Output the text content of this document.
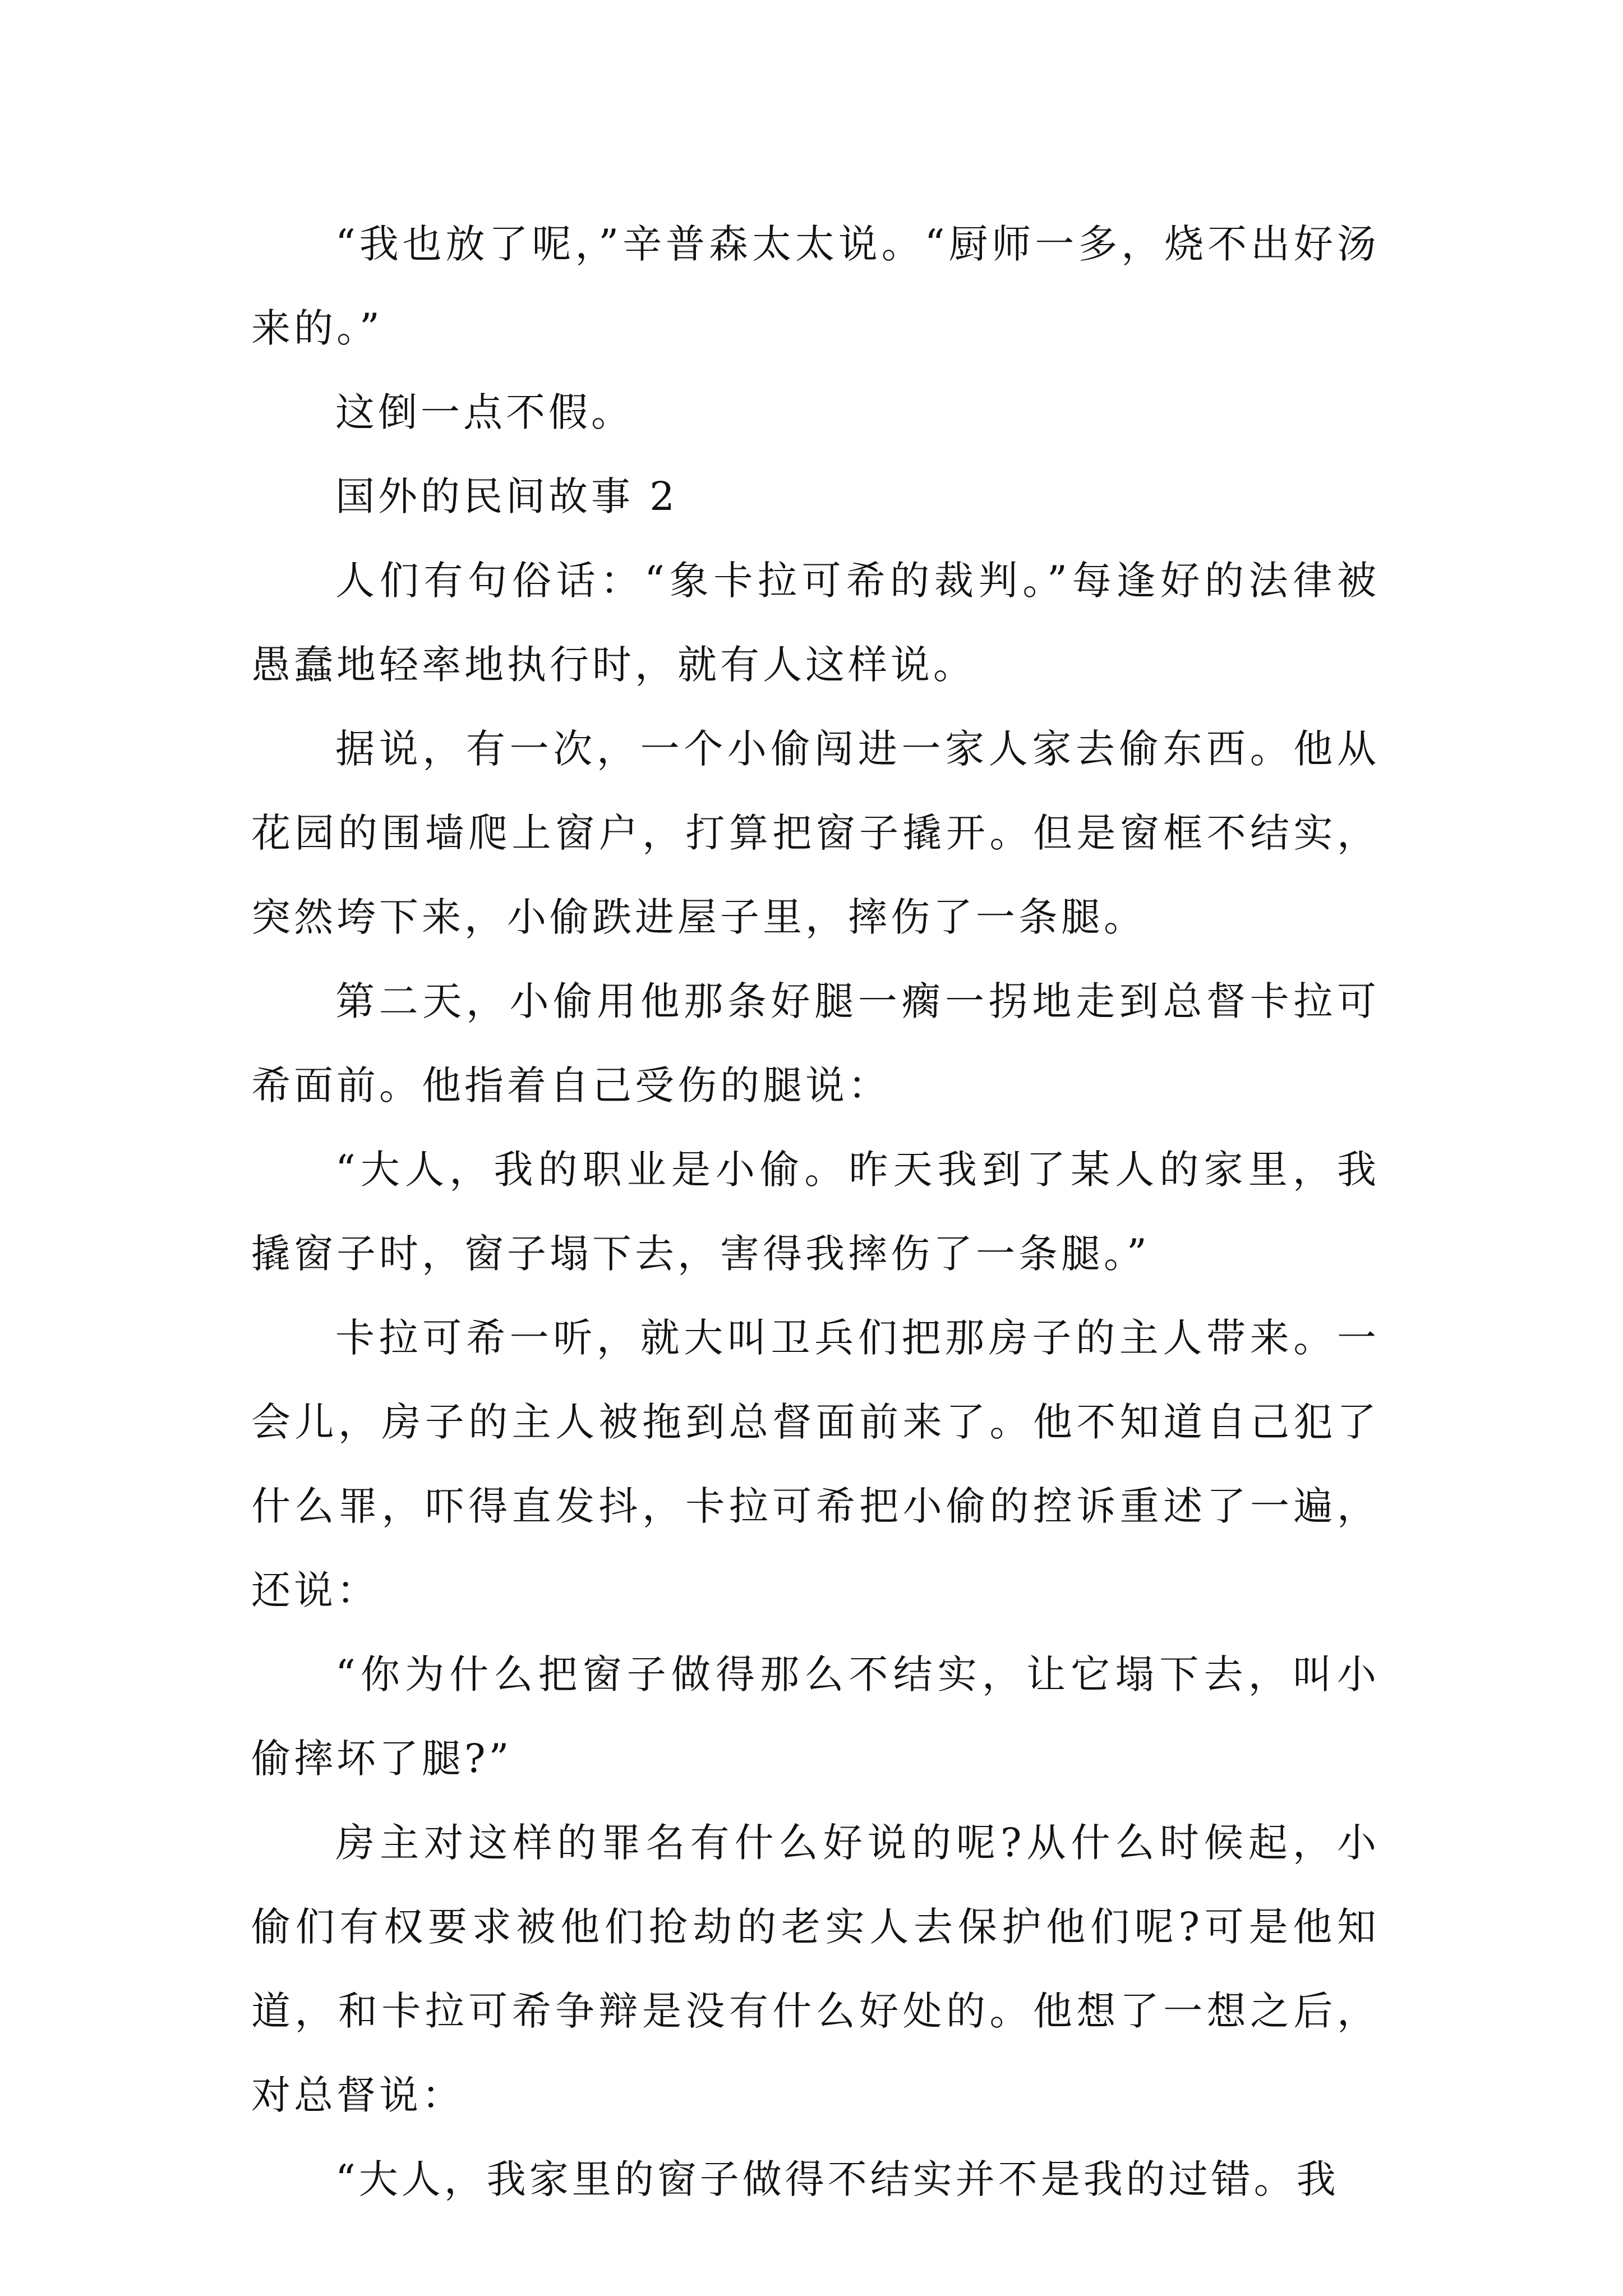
“我也放了呢，”辛普森太太说。“厨师一多，烧不出好汤来的。”

这倒一点不假。

国外的民间故事 2

人们有句俗话：“象卡拉可希的裁判。”每逢好的法律被愚蠢地轻率地执行时，就有人这样说。

据说，有一次，一个小偷闯进一家人家去偷东西。他从花园的围墙爬上窗户，打算把窗子撬开。但是窗框不结实，突然垮下来，小偷跌进屋子里，摔伤了一条腿。

第二天，小偷用他那条好腿一瘸一拐地走到总督卡拉可希面前。他指着自己受伤的腿说：

“大人，我的职业是小偷。昨天我到了某人的家里，我撬窗子时，窗子塌下去，害得我摔伤了一条腿。”

卡拉可希一听，就大叫卫兵们把那房子的主人带来。一会儿，房子的主人被拖到总督面前来了。他不知道自己犯了什么罪，吓得直发抖，卡拉可希把小偷的控诉重述了一遍，还说：

“你为什么把窗子做得那么不结实，让它塌下去，叫小偷摔坏了腿?”

房主对这样的罪名有什么好说的呢?从什么时候起，小偷们有权要求被他们抢劫的老实人去保护他们呢?可是他知道，和卡拉可希争辩是没有什么好处的。他想了一想之后，对总督说：

“大人，我家里的窗子做得不结实并不是我的过错。我
